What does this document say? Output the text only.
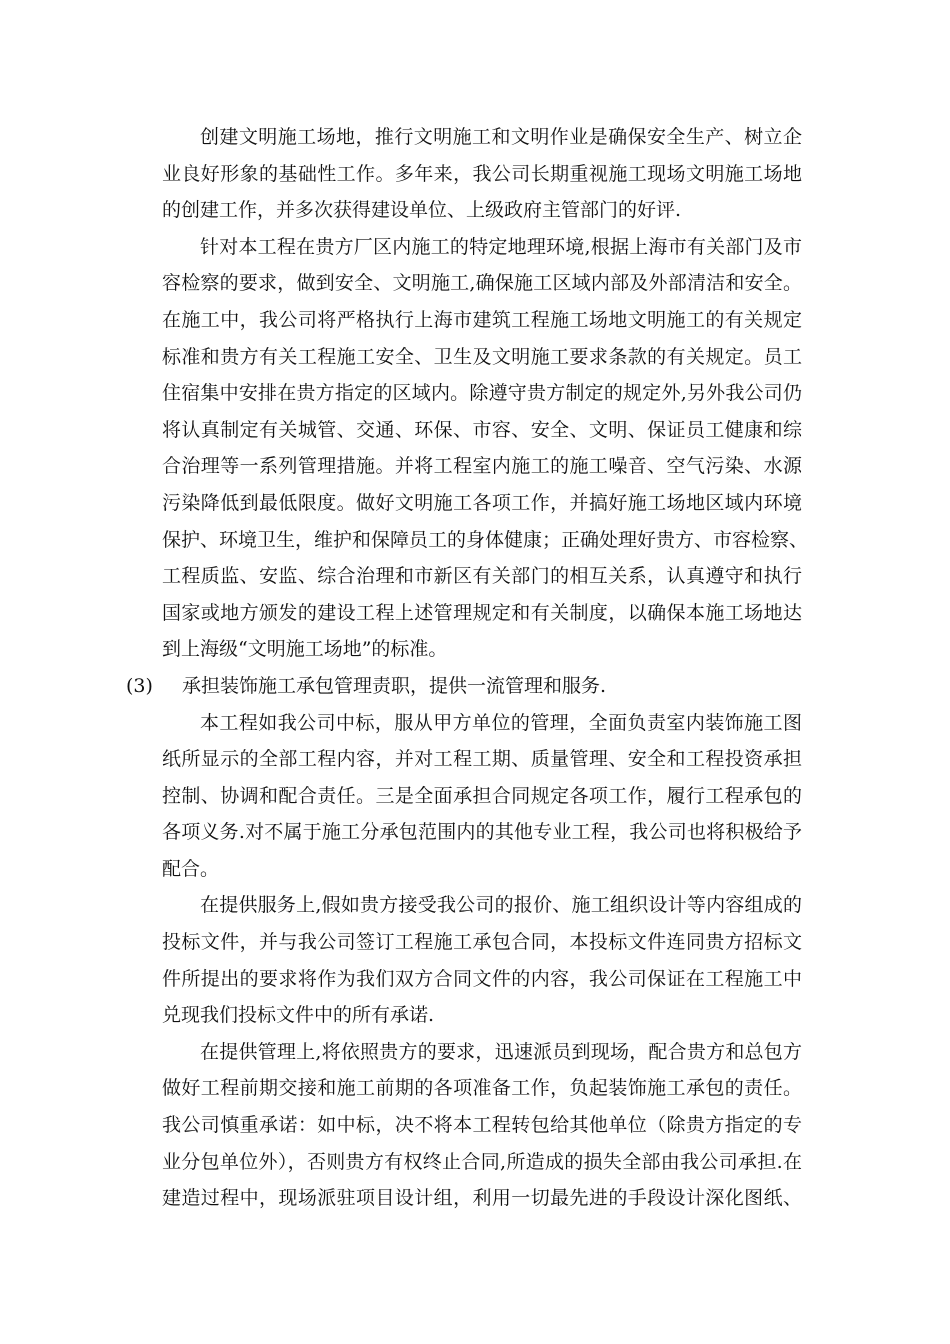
创建文明施工场地，推行文明施工和文明作业是确保安全生产、树立企
业良好形象的基础性工作。多年来，我公司长期重视施工现场文明施工场地
的创建工作，并多次获得建设单位、上级政府主管部门的好评.
针对本工程在贵方厂区内施工的特定地理环境,根据上海市有关部门及市
容检察的要求，做到安全、文明施工,确保施工区域内部及外部清洁和安全。
在施工中，我公司将严格执行上海市建筑工程施工场地文明施工的有关规定
标准和贵方有关工程施工安全、卫生及文明施工要求条款的有关规定。员工
住宿集中安排在贵方指定的区域内。除遵守贵方制定的规定外,另外我公司仍
将认真制定有关城管、交通、环保、市容、安全、文明、保证员工健康和综
合治理等一系列管理措施。并将工程室内施工的施工噪音、空气污染、水源
污染降低到最低限度。做好文明施工各项工作，并搞好施工场地区域内环境
保护、环境卫生，维护和保障员工的身体健康；正确处理好贵方、市容检察、
工程质监、安监、综合治理和市新区有关部门的相互关系，认真遵守和执行
国家或地方颁发的建设工程上述管理规定和有关制度，以确保本施工场地达
到上海级“文明施工场地”的标准。
(3) 承担装饰施工承包管理责职，提供一流管理和服务.
本工程如我公司中标，服从甲方单位的管理，全面负责室内装饰施工图
纸所显示的全部工程内容，并对工程工期、质量管理、安全和工程投资承担
控制、协调和配合责任。三是全面承担合同规定各项工作，履行工程承包的
各项义务.对不属于施工分承包范围内的其他专业工程，我公司也将积极给予
配合。
在提供服务上,假如贵方接受我公司的报价、施工组织设计等内容组成的
投标文件，并与我公司签订工程施工承包合同，本投标文件连同贵方招标文
件所提出的要求将作为我们双方合同文件的内容，我公司保证在工程施工中
兑现我们投标文件中的所有承诺.
在提供管理上,将依照贵方的要求，迅速派员到现场，配合贵方和总包方
做好工程前期交接和施工前期的各项准备工作，负起装饰施工承包的责任。
我公司慎重承诺：如中标，决不将本工程转包给其他单位（除贵方指定的专
业分包单位外），否则贵方有权终止合同,所造成的损失全部由我公司承担.在
建造过程中，现场派驻项目设计组，利用一切最先进的手段设计深化图纸、
